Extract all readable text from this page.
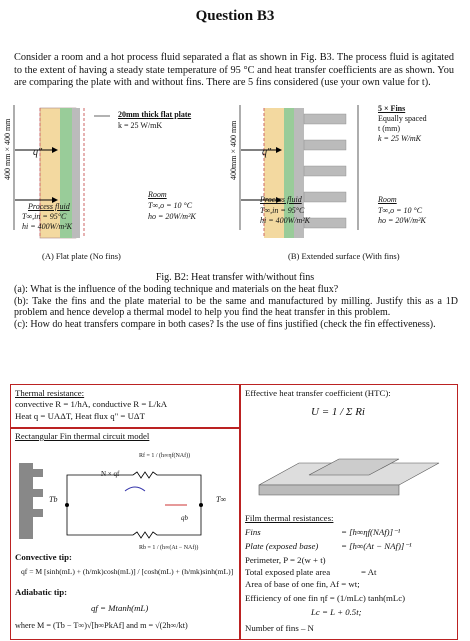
Question B3
Consider a room and a hot process fluid separated a flat as shown in Fig. B3. The process fluid is agitated to the extent of having a steady state temperature of 95 °C and heat transfer coefficients are as shown. You are comparing the plate with and without fins. There are 5 fins considered (use your own value for t).
400 mm × 400 mm q"
20mm thick flat plate
k = 25 W/mK
Process fluid
T∞,in = 95°C
hi = 400W/m²K
Room
T∞,o = 10 °C
ho = 20W/m²K
(A) Flat plate (No fins)
400mm × 400 mm q"
5 × Fins
Equally spaced
t (mm)
k = 25 W/mK
Process fluid
T∞,in = 95°C
hi = 400W/m²K
Room
T∞,o = 10 °C
ho = 20W/m²K
(B) Extended surface (With fins)
Fig. B2: Heat transfer with/without fins

(a): What is the influence of the boding technique and materials on the heat flux?

(b): Take the fins and the plate material to be the same and manufactured by milling. Justify this as a 1D problem and hence develop a thermal model to help you find the heat transfer in this problem.

(c): How do heat transfers compare in both cases? Is the use of fins justified (check the fin effectiveness).

Thermal resistance:
convective R = 1/hA, conductive R = L/kA
Heat q = UAΔT, Heat flux q" = UΔT
Rectangular Fin thermal circuit model
N × qf
Tb	T∞
qb
Rf = 1 / (h∞ηf(NAf))
Rb = 1 / (h∞(At − NAf))
Convective tip:
qf = M [sinh(mL) + (h/mk)cosh(mL)] / [cosh(mL) + (h/mk)sinh(mL)]
Adiabatic tip:
qf = Mtanh(mL)
where M = (Tb − T∞)√[h∞PkAf] and m = √(2h∞/kt)
Effective heat transfer coefficient (HTC):
U = 1 / Σ Ri
Film thermal resistances:
Fins	= [h∞ηf(NAf)]⁻¹
Plate (exposed base)	= [h∞(At − NAf)]⁻¹
Perimeter, P = 2(w + t)
Total exposed plate area	= At
Area of base of one fin, Af = wt;
Efficiency of one fin ηf = (1/mLc) tanh(mLc)
Lc = L + 0.5t;
Number of fins – N
